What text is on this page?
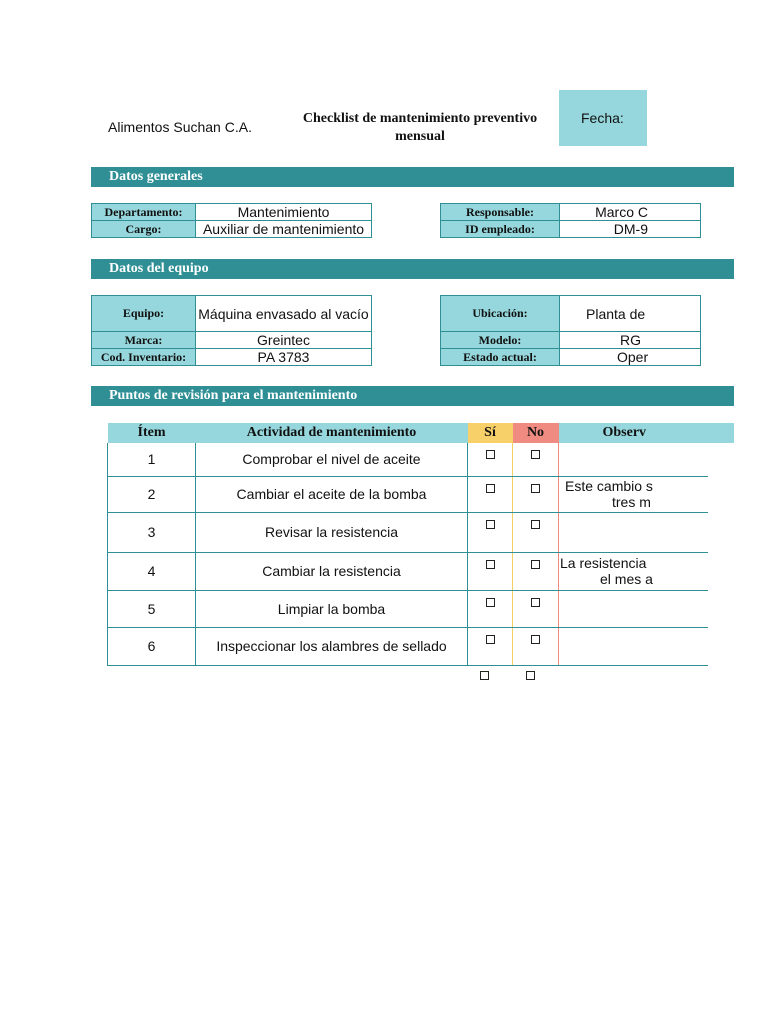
Alimentos Suchan C.A.
Checklist de mantenimiento preventivo mensual
Fecha:
Datos generales
Departamento:	Mantenimiento
Cargo:	Auxiliar de mantenimiento
Responsable:	Marco C
ID empleado:	DM-9
Datos del equipo
Equipo:	Máquina envasado al vacío
Marca:	Greintec
Cod. Inventario:	PA 3783
Ubicación:	Planta de
Modelo:	RG
Estado actual:	Oper
Puntos de revisión para el mantenimiento
Ítem	Actividad de mantenimiento	Sí	No	Observ
1	Comprobar el nivel de aceite			
2	Cambiar el aceite de la bomba			Este cambio s
tres m

3	Revisar la resistencia			
4	Cambiar la resistencia			La resistencia
el mes a

5	Limpiar la bomba			
6	Inspeccionar los alambres de sellado			
